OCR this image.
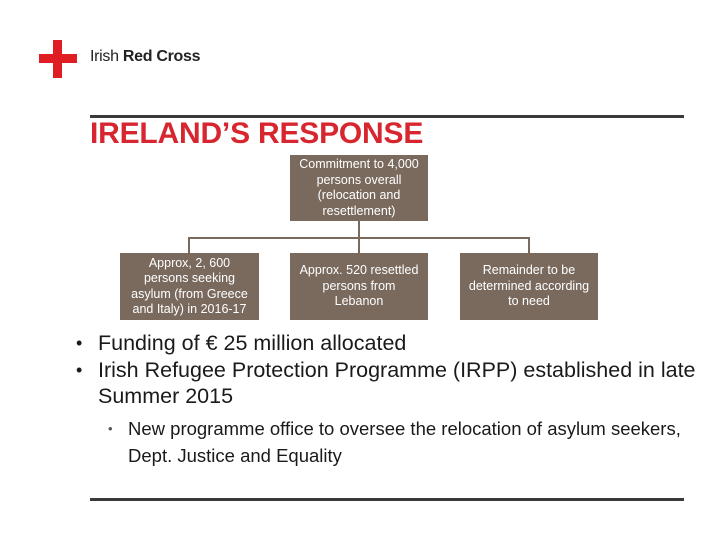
Irish Red Cross
IRELAND’S RESPONSE
Commitment to 4,000
persons overall
(relocation and
resettlement)
Approx, 2, 600
persons seeking
asylum (from Greece
and Italy) in 2016-17
Approx. 520 resettled
persons from
Lebanon
Remainder to be
determined according
to need
• Funding of € 25 million allocated
• Irish Refugee Protection Programme (IRPP) established in late Summer 2015
• New programme office to oversee the relocation of asylum seekers, Dept. Justice and Equality
